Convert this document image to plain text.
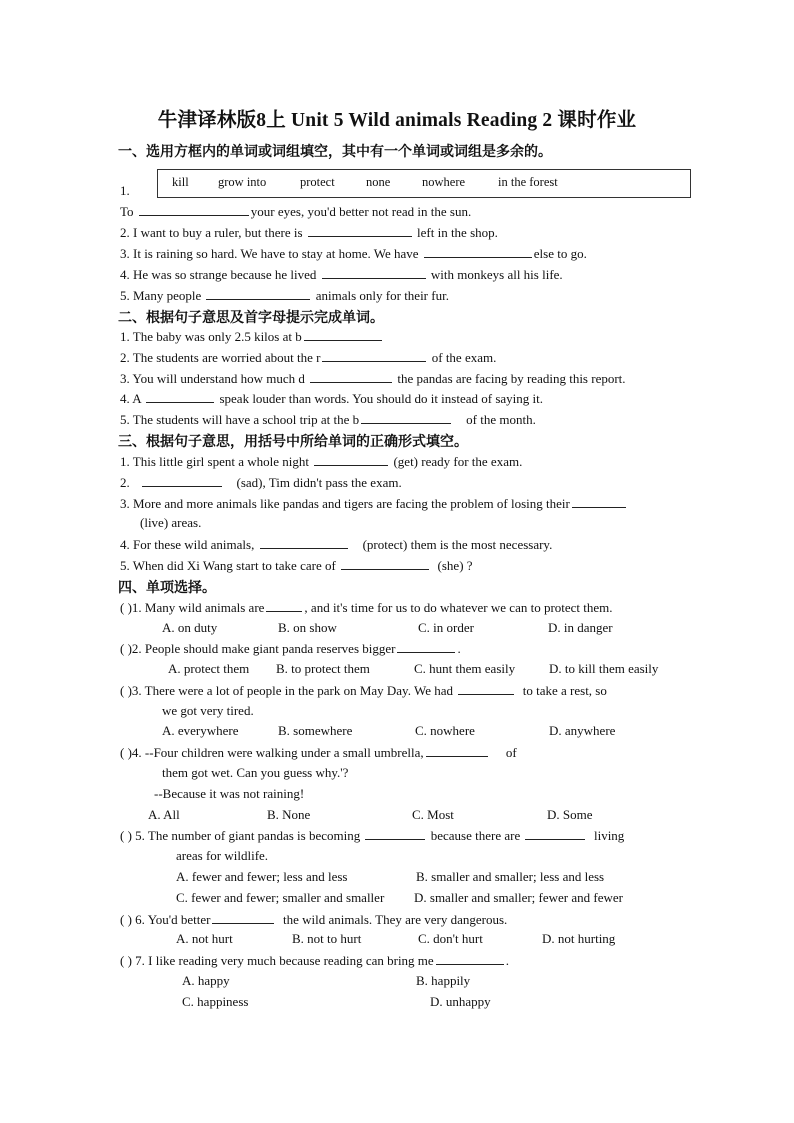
牛津译林版8上 Unit 5 Wild animals Reading 2 课时作业
一、选用方框内的单词或词组填空，其中有一个单词或词组是多余的。
kill grow into	protect	none	nowhere	in the forest
1.
To	your eyes, you'd better not read in the sun.
2. I want to buy a ruler, but there is	left in the shop.
3. It is raining so hard. We have to stay at home. We have	else to go.
4. He was so strange because he lived	with monkeys all his life.
5. Many people	animals only for their fur.
二、根据句子意思及首字母提示完成单词。
1. The baby was only 2.5 kilos at b
2. The students are worried about the r	of the exam.
3. You will understand how much d	the pandas are facing by reading this report.
4. A	speak louder than words. You should do it instead of saying it.
5. The students will have a school trip at the b	of the month.
三、根据句子意思，用括号中所给单词的正确形式填空。
1. This little girl spent a whole night	(get) ready for the exam.
2.	(sad), Tim didn't pass the exam.
3. More and more animals like pandas and tigers are facing the problem of losing their
(live) areas.
4. For these wild animals,	(protect) them is the most necessary.
5. When did Xi Wang start to take care of	(she) ?
四、单项选择。
( )1. Many wild animals are	, and it's time for us to do whatever we can to protect them.
A. on duty	B. on show	C. in order	D. in danger
( )2. People should make giant panda reserves bigger	.
A. protect them B. to protect them	C. hunt them easily	D. to kill them easily
( )3. There were a lot of people in the park on May Day. We had	to take a rest, so
we got very tired.
A. everywhere	B. somewhere	C. nowhere	D. anywhere
( )4. --Four children were walking under a small umbrella,	of
them got wet. Can you guess why.'?
--Because it was not raining!
A. All	B. None	C. Most	D. Some
( ) 5. The number of giant pandas is becoming	because there are	living
areas for wildlife.
A. fewer and fewer; less and less	B. smaller and smaller; less and less
C. fewer and fewer; smaller and smaller D. smaller and smaller; fewer and fewer
( ) 6. You'd better	the wild animals. They are very dangerous.
A. not hurt	B. not to hurt	C. don't hurt	D. not hurting
( ) 7. I like reading very much because reading can bring me	.
A. happy	B. happily
C. happiness	D. unhappy
